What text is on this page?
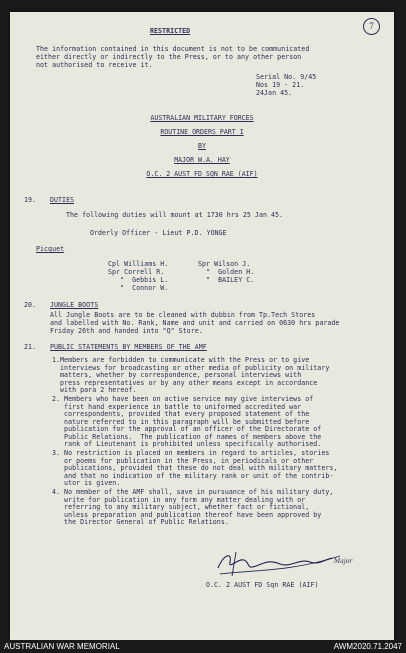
7
RESTRICTED
The information contained in this document is not to be communicated
either directly or indirectly to the Press, or to any other person
not authorised to receive it.
Serial No. 9/45
Nos 19 - 21.
24Jan 45.
AUSTRALIAN MILITARY FORCES
ROUTINE ORDERS PART I
BY
MAJOR W.A. HAY
O.C. 2 AUST FD SQN RAE (AIF)
19. DUTIES
The following duties will mount at 1730 hrs 25 Jan 45.
Orderly Officer - Lieut P.D. YONGE
Picquet
Cpl Williams H.
Spr Correll R.
"  Gebbis L.
"  Connor W.
Spr Wilson J.
"  Golden H.
"  BAILEY C.
20. JUNGLE BOOTS
All Jungle Boots are to be cleaned with dubbin from Tp.Tech Stores
and labelled with No. Rank, Name and unit and carried on 0630 hrs parade
Friday 26th and handed into "Q" Store.
21. PUBLIC STATEMENTS BY MEMBERS OF THE AMF
1.Members are forbidden to communicate with the Press or to give
interviews for broadcasting or other media of publicity on military
matters, whether by correspondence, personal interviews with
press representatives or by any other means except in accordance
with para 2 hereof.
2. Members who have been on active service may give interviews of
first hand experience in battle to uniformed accredited war
correspondents, provided that every proposed statement of the
nature referred to in this paragraph will be submitted before
publication for the approval of an officer of the Directorate of
Public Relations.  The publication of names of members above the
rank of Lieutenant is prohibited unless specifically authorised.
3. No restriction is placed on members in regard to articles, stories
or poems for publication in the Press, in periodicals or other
publications, provided that these do not deal with military matters,
and that no indication of the military rank or unit of the contrib-
utor is given.
4. No member of the AMF shall, save in pursuance of his military duty,
write for publication in any form any matter dealing with or
referring to any military subject, whether fact or fictional,
unless preparation and publication thereof have been approved by
the Director General of Public Relations.
Major
O.C. 2 AUST FD Sqn RAE (AIF)
AUSTRALIAN WAR MEMORIAL	AWM2020.71.2047
